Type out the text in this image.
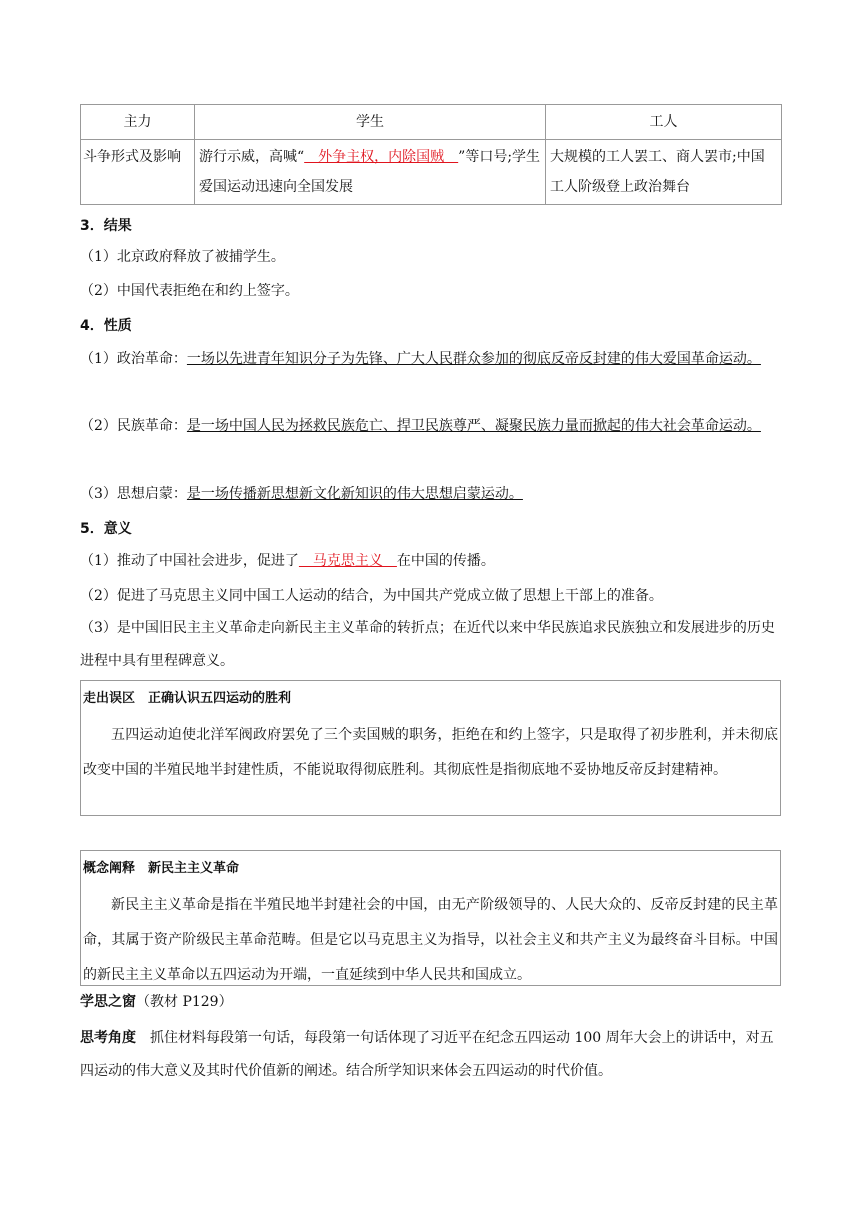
主力	学生	工人
斗争形式及影响	游行示威，高喊“　外争主权，内除国贼　”等口号;学生爱国运动迅速向全国发展	大规模的工人罢工、商人罢市;中国工人阶级登上政治舞台
3．结果
（1）北京政府释放了被捕学生。
（2）中国代表拒绝在和约上签字。
4．性质
（1）政治革命：一场以先进青年知识分子为先锋、广大人民群众参加的彻底反帝反封建的伟大爱国革命运动。
（2）民族革命：是一场中国人民为拯救民族危亡、捍卫民族尊严、凝聚民族力量而掀起的伟大社会革命运动。
（3）思想启蒙：是一场传播新思想新文化新知识的伟大思想启蒙运动。
5．意义
（1）推动了中国社会进步，促进了　马克思主义　在中国的传播。
（2）促进了马克思主义同中国工人运动的结合，为中国共产党成立做了思想上干部上的准备。
（3）是中国旧民主主义革命走向新民主主义革命的转折点；在近代以来中华民族追求民族独立和发展进步的历史进程中具有里程碑意义。
走出误区　正确认识五四运动的胜利
五四运动迫使北洋军阀政府罢免了三个卖国贼的职务，拒绝在和约上签字，只是取得了初步胜利，并未彻底改变中国的半殖民地半封建性质，不能说取得彻底胜利。其彻底性是指彻底地不妥协地反帝反封建精神。
概念阐释　新民主主义革命
新民主主义革命是指在半殖民地半封建社会的中国，由无产阶级领导的、人民大众的、反帝反封建的民主革命，其属于资产阶级民主革命范畴。但是它以马克思主义为指导，以社会主义和共产主义为最终奋斗目标。中国的新民主主义革命以五四运动为开端，一直延续到中华人民共和国成立。
学思之窗（教材 P129）
思考角度　抓住材料每段第一句话，每段第一句话体现了习近平在纪念五四运动 100 周年大会上的讲话中，对五四运动的伟大意义及其时代价值新的阐述。结合所学知识来体会五四运动的时代价值。
